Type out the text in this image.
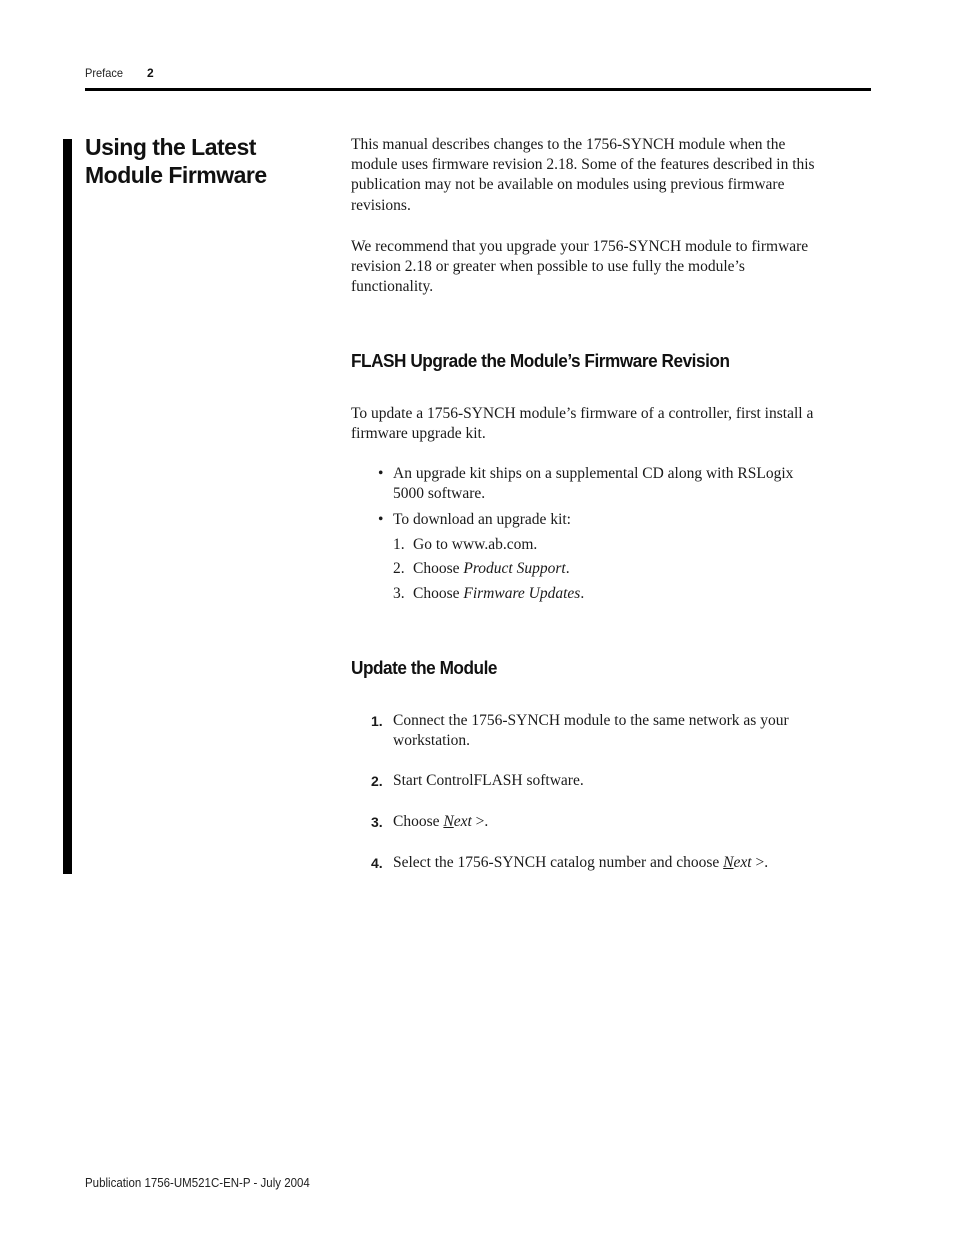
Preface 2
Using the Latest Module Firmware

This manual describes changes to the 1756-SYNCH module when the module uses firmware revision 2.18. Some of the features described in this publication may not be available on modules using previous firmware revisions.

We recommend that you upgrade your 1756-SYNCH module to firmware revision 2.18 or greater when possible to use fully the module’s functionality.

FLASH Upgrade the Module’s Firmware Revision

To update a 1756-SYNCH module’s firmware of a controller, first install a firmware upgrade kit.

• An upgrade kit ships on a supplemental CD along with RSLogix 5000 software.
• To download an upgrade kit:
1. Go to www.ab.com.
2. Choose Product Support.
3. Choose Firmware Updates.
Update the Module
1. Connect the 1756-SYNCH module to the same network as your workstation.
2. Start ControlFLASH software.
3. Choose Next >.
4. Select the 1756-SYNCH catalog number and choose Next >.
Publication 1756-UM521C-EN-P - July 2004
